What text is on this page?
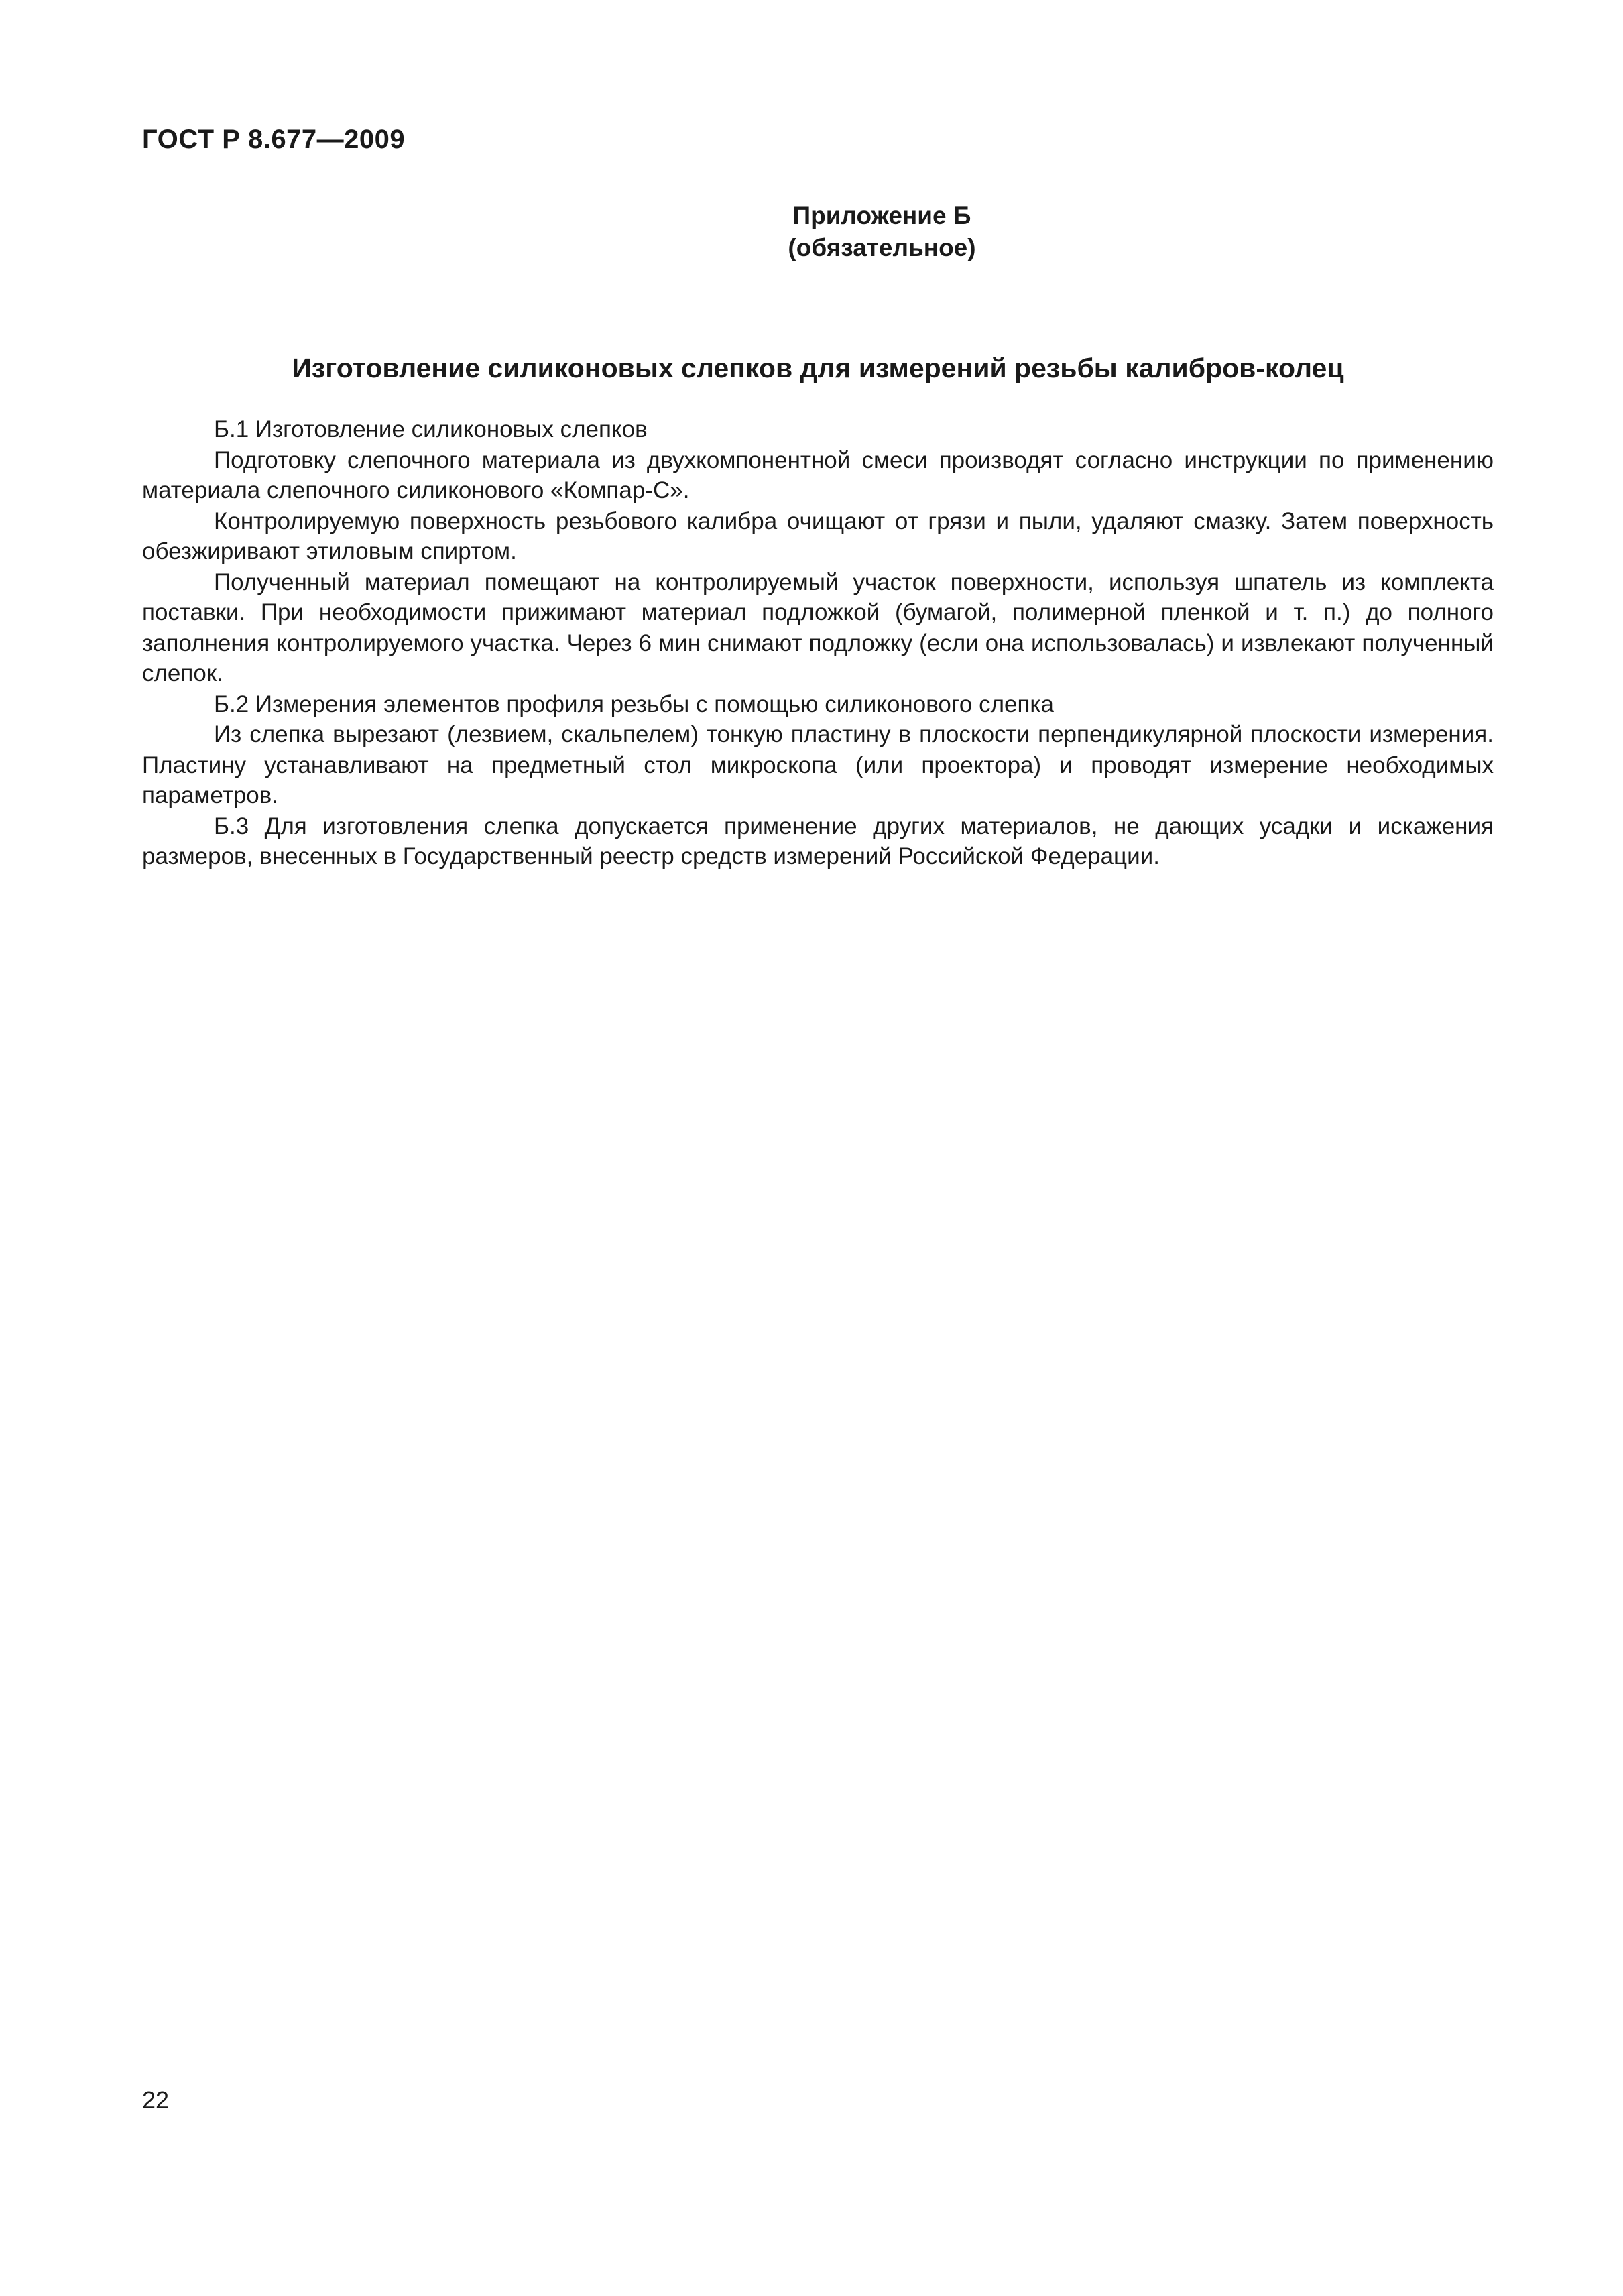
ГОСТ Р 8.677—2009

Приложение Б
(обязательное)
Изготовление силиконовых слепков для измерений резьбы калибров-колец

Б.1 Изготовление силиконовых слепков

Подготовку слепочного материала из двухкомпонентной смеси производят согласно инструкции по применению материала слепочного силиконового «Компар-С».

Контролируемую поверхность резьбового калибра очищают от грязи и пыли, удаляют смазку. Затем поверхность обезжиривают этиловым спиртом.

Полученный материал помещают на контролируемый участок поверхности, используя шпатель из комплекта поставки. При необходимости прижимают материал подложкой (бумагой, полимерной пленкой и т. п.) до полного заполнения контролируемого участка. Через 6 мин снимают подложку (если она использовалась) и извлекают полученный слепок.

Б.2 Измерения элементов профиля резьбы с помощью силиконового слепка

Из слепка вырезают (лезвием, скальпелем) тонкую пластину в плоскости перпендикулярной плоскости измерения. Пластину устанавливают на предметный стол микроскопа (или проектора) и проводят измерение необходимых параметров.

Б.3 Для изготовления слепка допускается применение других материалов, не дающих усадки и искажения размеров, внесенных в Государственный реестр средств измерений Российской Федерации.

22
